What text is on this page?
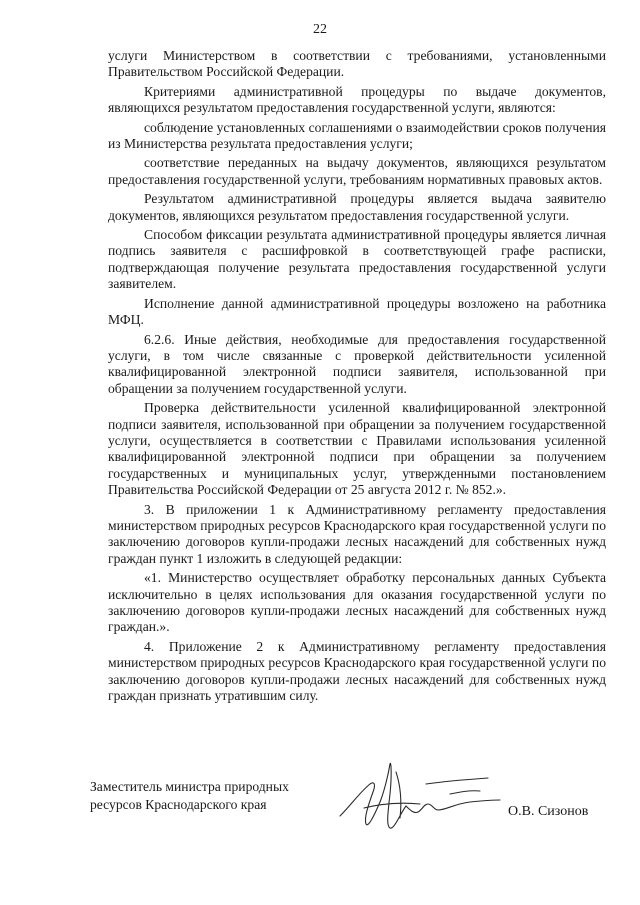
22

услуги Министерством в соответствии с требованиями, установленными Правительством Российской Федерации.

Критериями административной процедуры по выдаче документов, являющихся результатом предоставления государственной услуги, являются:

соблюдение установленных соглашениями о взаимодействии сроков получения из Министерства результата предоставления услуги;

соответствие переданных на выдачу документов, являющихся результатом предоставления государственной услуги, требованиям нормативных правовых актов.

Результатом административной процедуры является выдача заявителю документов, являющихся результатом предоставления государственной услуги.

Способом фиксации результата административной процедуры является личная подпись заявителя с расшифровкой в соответствующей графе расписки, подтверждающая получение результата предоставления государственной услуги заявителем.

Исполнение данной административной процедуры возложено на работника МФЦ.

6.2.6. Иные действия, необходимые для предоставления государственной услуги, в том числе связанные с проверкой действительности усиленной квалифицированной электронной подписи заявителя, использованной при обращении за получением государственной услуги.

Проверка действительности усиленной квалифицированной электронной подписи заявителя, использованной при обращении за получением государственной услуги, осуществляется в соответствии с Правилами использования усиленной квалифицированной электронной подписи при обращении за получением государственных и муниципальных услуг, утвержденными постановлением Правительства Российской Федерации от 25 августа 2012 г. № 852.».

3. В приложении 1 к Административному регламенту предоставления министерством природных ресурсов Краснодарского края государственной услуги по заключению договоров купли-продажи лесных насаждений для собственных нужд граждан пункт 1 изложить в следующей редакции:

«1. Министерство осуществляет обработку персональных данных Субъекта исключительно в целях использования для оказания государственной услуги по заключению договоров купли-продажи лесных насаждений для собственных нужд граждан.».

4. Приложение 2 к Административному регламенту предоставления министерством природных ресурсов Краснодарского края государственной услуги по заключению договоров купли-продажи лесных насаждений для собственных нужд граждан признать утратившим силу.

Заместитель министра природных
ресурсов Краснодарского края	О.В. Сизонов
